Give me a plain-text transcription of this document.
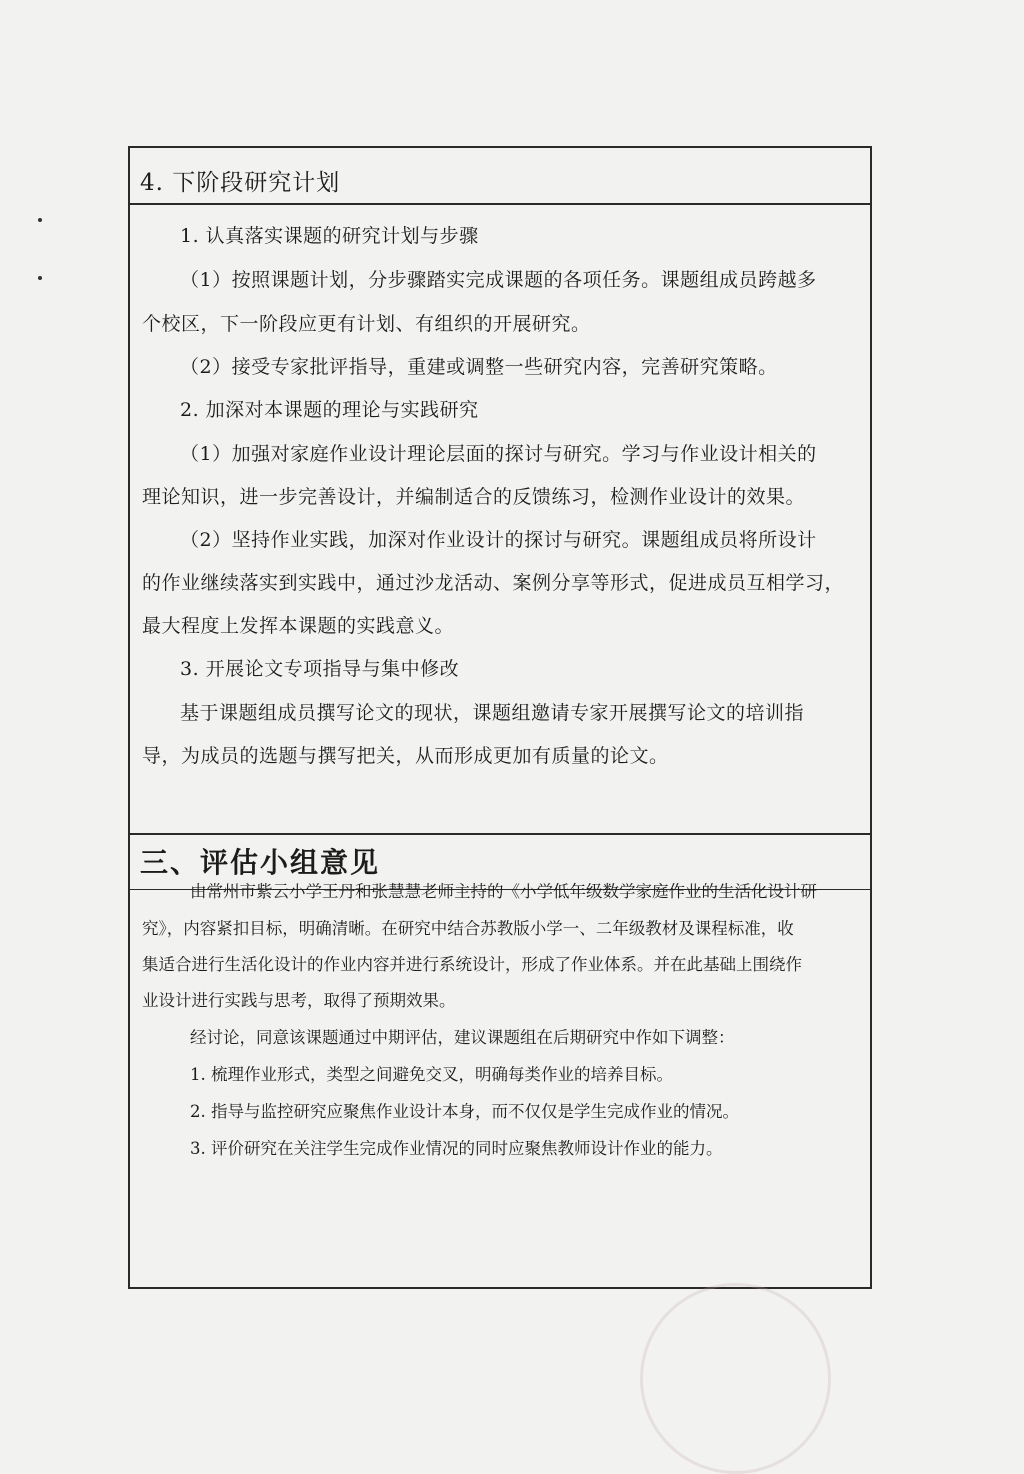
4. 下阶段研究计划
1. 认真落实课题的研究计划与步骤
（1）按照课题计划，分步骤踏实完成课题的各项任务。课题组成员跨越多
个校区，下一阶段应更有计划、有组织的开展研究。
（2）接受专家批评指导，重建或调整一些研究内容，完善研究策略。
2. 加深对本课题的理论与实践研究
（1）加强对家庭作业设计理论层面的探讨与研究。学习与作业设计相关的
理论知识，进一步完善设计，并编制适合的反馈练习，检测作业设计的效果。
（2）坚持作业实践，加深对作业设计的探讨与研究。课题组成员将所设计
的作业继续落实到实践中，通过沙龙活动、案例分享等形式，促进成员互相学习，
最大程度上发挥本课题的实践意义。
3. 开展论文专项指导与集中修改
基于课题组成员撰写论文的现状，课题组邀请专家开展撰写论文的培训指
导，为成员的选题与撰写把关，从而形成更加有质量的论文。
三、评估小组意见
由常州市紫云小学王丹和张慧慧老师主持的《小学低年级数学家庭作业的生活化设计研
究》，内容紧扣目标，明确清晰。在研究中结合苏教版小学一、二年级教材及课程标准，收
集适合进行生活化设计的作业内容并进行系统设计，形成了作业体系。并在此基础上围绕作
业设计进行实践与思考，取得了预期效果。
经讨论，同意该课题通过中期评估，建议课题组在后期研究中作如下调整：
1. 梳理作业形式，类型之间避免交叉，明确每类作业的培养目标。
2. 指导与监控研究应聚焦作业设计本身，而不仅仅是学生完成作业的情况。
3. 评价研究在关注学生完成作业情况的同时应聚焦教师设计作业的能力。
